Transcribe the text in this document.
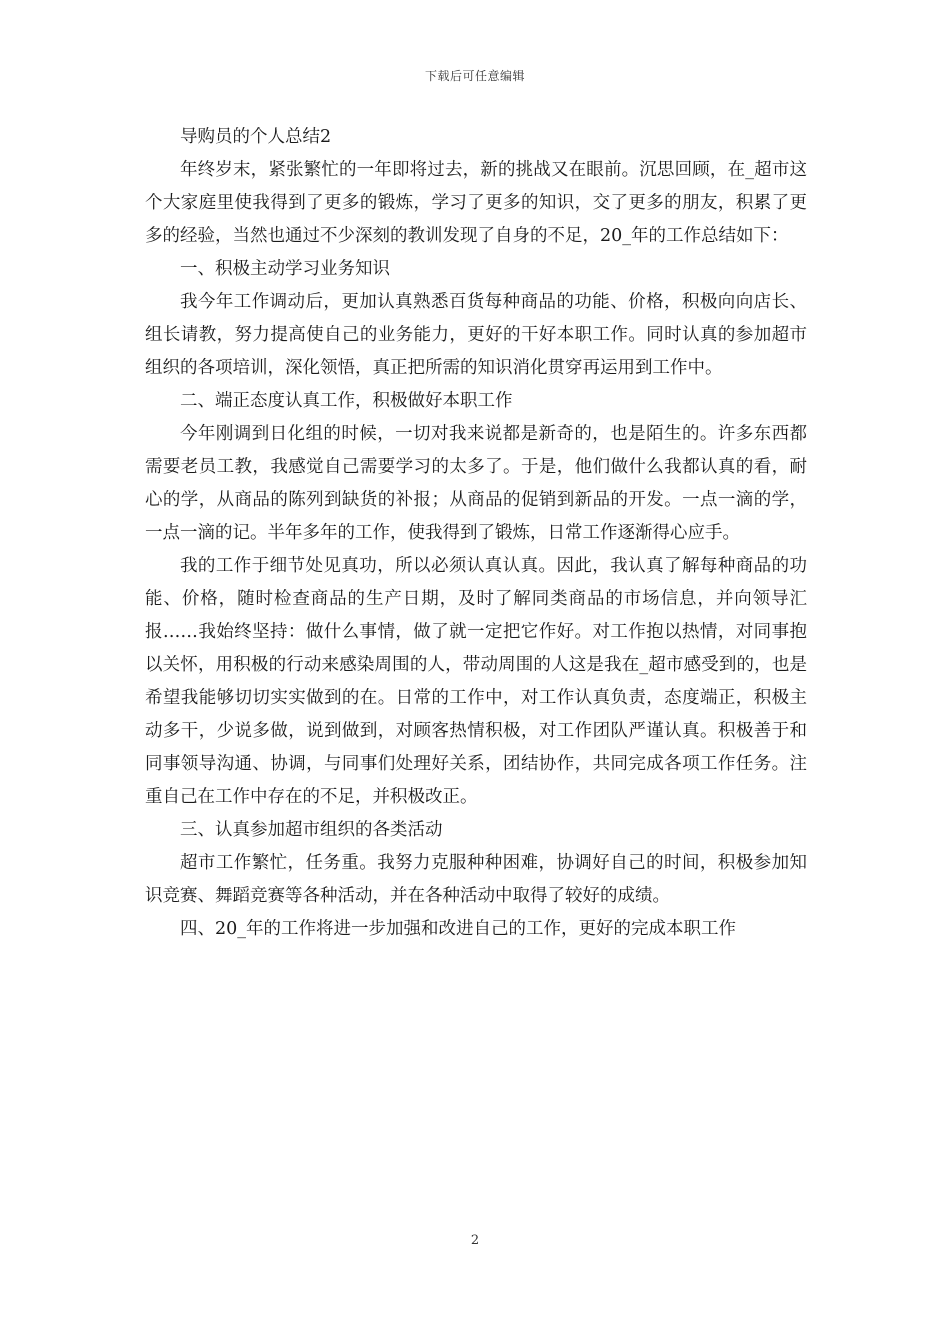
下载后可任意编辑

导购员的个人总结2

年终岁末，紧张繁忙的一年即将过去，新的挑战又在眼前。沉思回顾，在_超市这个大家庭里使我得到了更多的锻炼，学习了更多的知识，交了更多的朋友，积累了更多的经验，当然也通过不少深刻的教训发现了自身的不足，20_年的工作总结如下：

一、积极主动学习业务知识

我今年工作调动后，更加认真熟悉百货每种商品的功能、价格，积极向向店长、组长请教，努力提高使自己的业务能力，更好的干好本职工作。同时认真的参加超市组织的各项培训，深化领悟，真正把所需的知识消化贯穿再运用到工作中。

二、端正态度认真工作，积极做好本职工作

今年刚调到日化组的时候，一切对我来说都是新奇的，也是陌生的。许多东西都需要老员工教，我感觉自己需要学习的太多了。于是，他们做什么我都认真的看，耐心的学，从商品的陈列到缺货的补报；从商品的促销到新品的开发。一点一滴的学，一点一滴的记。半年多年的工作，使我得到了锻炼，日常工作逐渐得心应手。

我的工作于细节处见真功，所以必须认真认真。因此，我认真了解每种商品的功能、价格，随时检查商品的生产日期，及时了解同类商品的市场信息，并向领导汇报……我始终坚持：做什么事情，做了就一定把它作好。对工作抱以热情，对同事抱以关怀，用积极的行动来感染周围的人，带动周围的人这是我在_超市感受到的，也是希望我能够切切实实做到的在。日常的工作中，对工作认真负责，态度端正，积极主动多干，少说多做，说到做到，对顾客热情积极，对工作团队严谨认真。积极善于和同事领导沟通、协调，与同事们处理好关系，团结协作，共同完成各项工作任务。注重自己在工作中存在的不足，并积极改正。

三、认真参加超市组织的各类活动

超市工作繁忙，任务重。我努力克服种种困难，协调好自己的时间，积极参加知识竞赛、舞蹈竞赛等各种活动，并在各种活动中取得了较好的成绩。

四、20_年的工作将进一步加强和改进自己的工作，更好的完成本职工作

2
